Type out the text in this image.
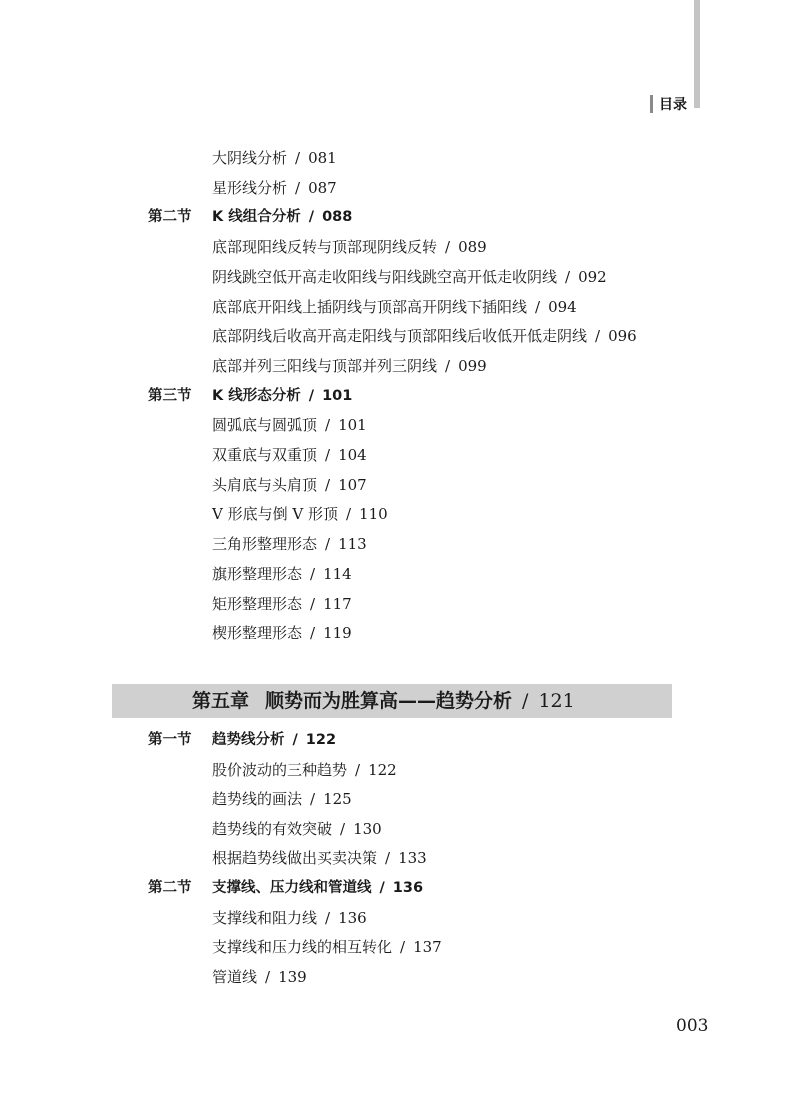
目录
大阴线分析 / 081
星形线分析 / 087
第二节 K 线组合分析 / 088
底部现阳线反转与顶部现阴线反转 / 089
阴线跳空低开高走收阳线与阳线跳空高开低走收阴线 / 092
底部底开阳线上插阴线与顶部高开阴线下插阳线 / 094
底部阴线后收高开高走阳线与顶部阳线后收低开低走阴线 / 096
底部并列三阳线与顶部并列三阴线 / 099
第三节 K 线形态分析 / 101
圆弧底与圆弧顶 / 101
双重底与双重顶 / 104
头肩底与头肩顶 / 107
V 形底与倒 V 形顶 / 110
三角形整理形态 / 113
旗形整理形态 / 114
矩形整理形态 / 117
楔形整理形态 / 119
第五章 顺势而为胜算高——趋势分析 / 121
第一节 趋势线分析 / 122
股价波动的三种趋势 / 122
趋势线的画法 / 125
趋势线的有效突破 / 130
根据趋势线做出买卖决策 / 133
第二节 支撑线、压力线和管道线 / 136
支撑线和阻力线 / 136
支撑线和压力线的相互转化 / 137
管道线 / 139
003
